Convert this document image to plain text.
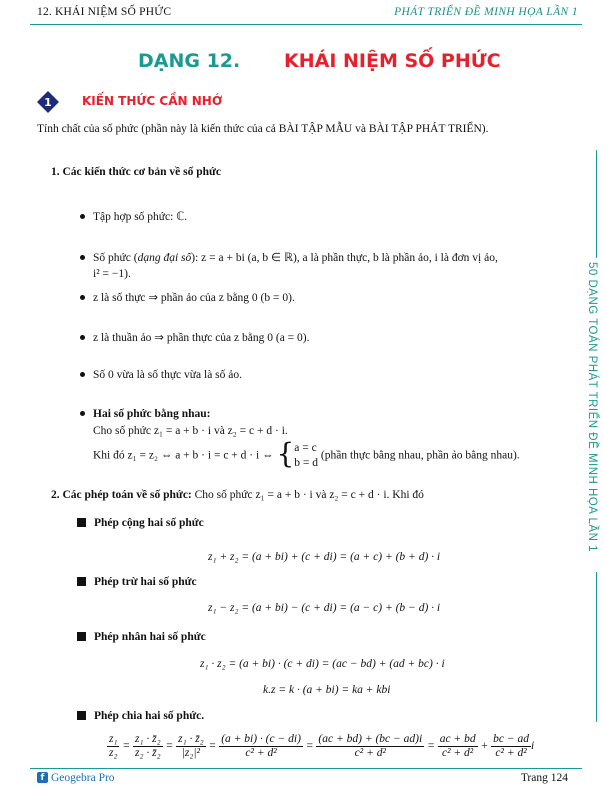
12. KHÁI NIỆM SỐ PHỨC	PHÁT TRIỂN ĐỀ MINH HỌA LẦN 1
DẠNG 12. KHÁI NIỆM SỐ PHỨC
1	KIẾN THỨC CẦN NHỚ
Tính chất của số phức (phần này là kiến thức của cả BÀI TẬP MẪU và BÀI TẬP PHÁT TRIỂN).
1. Các kiến thức cơ bản về số phức
Tập hợp số phức: ℂ.
Số phức (dạng đại số): z = a + bi (a, b ∈ ℝ), a là phần thực, b là phần ảo, i là đơn vị ảo,
i² = −1).
z là số thực ⇒ phần ảo của z bằng 0 (b = 0).
z là thuần ảo ⇒ phần thực của z bằng 0 (a = 0).
Số 0 vừa là số thực vừa là số ảo.
Hai số phức bằng nhau:
Cho số phức z₁ = a + b · i và z₂ = c + d · i.
Khi đó z₁ = z₂ ⇔ a + b · i = c + d · i ⇔ { a = c
b = d
(phần thực bằng nhau, phần ảo bằng nhau).
2. Các phép toán về số phức: Cho số phức z₁ = a + b · i và z₂ = c + d · i. Khi đó
Phép cộng hai số phức
z₁ + z₂ = (a + bi) + (c + di) = (a + c) + (b + d) · i
Phép trừ hai số phức
z₁ − z₂ = (a + bi) − (c + di) = (a − c) + (b − d) · i
Phép nhân hai số phức
z₁ · z₂ = (a + bi) · (c + di) = (ac − bd) + (ad + bc) · i
k.z = k · (a + bi) = ka + kbi
Phép chia hai số phức.
$\frac{\text{z₁}}{\text{z₂}} = \frac{\text{z₁ · z̄₂}}{\text{z₂ · z̄₂}} = \frac{\text{z₁ · z̄₂}}{\text{|z₂|²}} = \frac{(a + bi) \cdot (c - di)}{\text{c² + d²}} = \frac{(ac + bd) + (bc - ad)i}{\text{c² + d²}} = \frac{ac + bd}{\text{c² + d²}} + \frac{bc - ad}{\text{c² + d²}}$ i
50 DẠNG TOÁN PHÁT TRIỂN ĐỀ MINH HỌA LẦN 1
f Geogebra Pro	Trang 124
